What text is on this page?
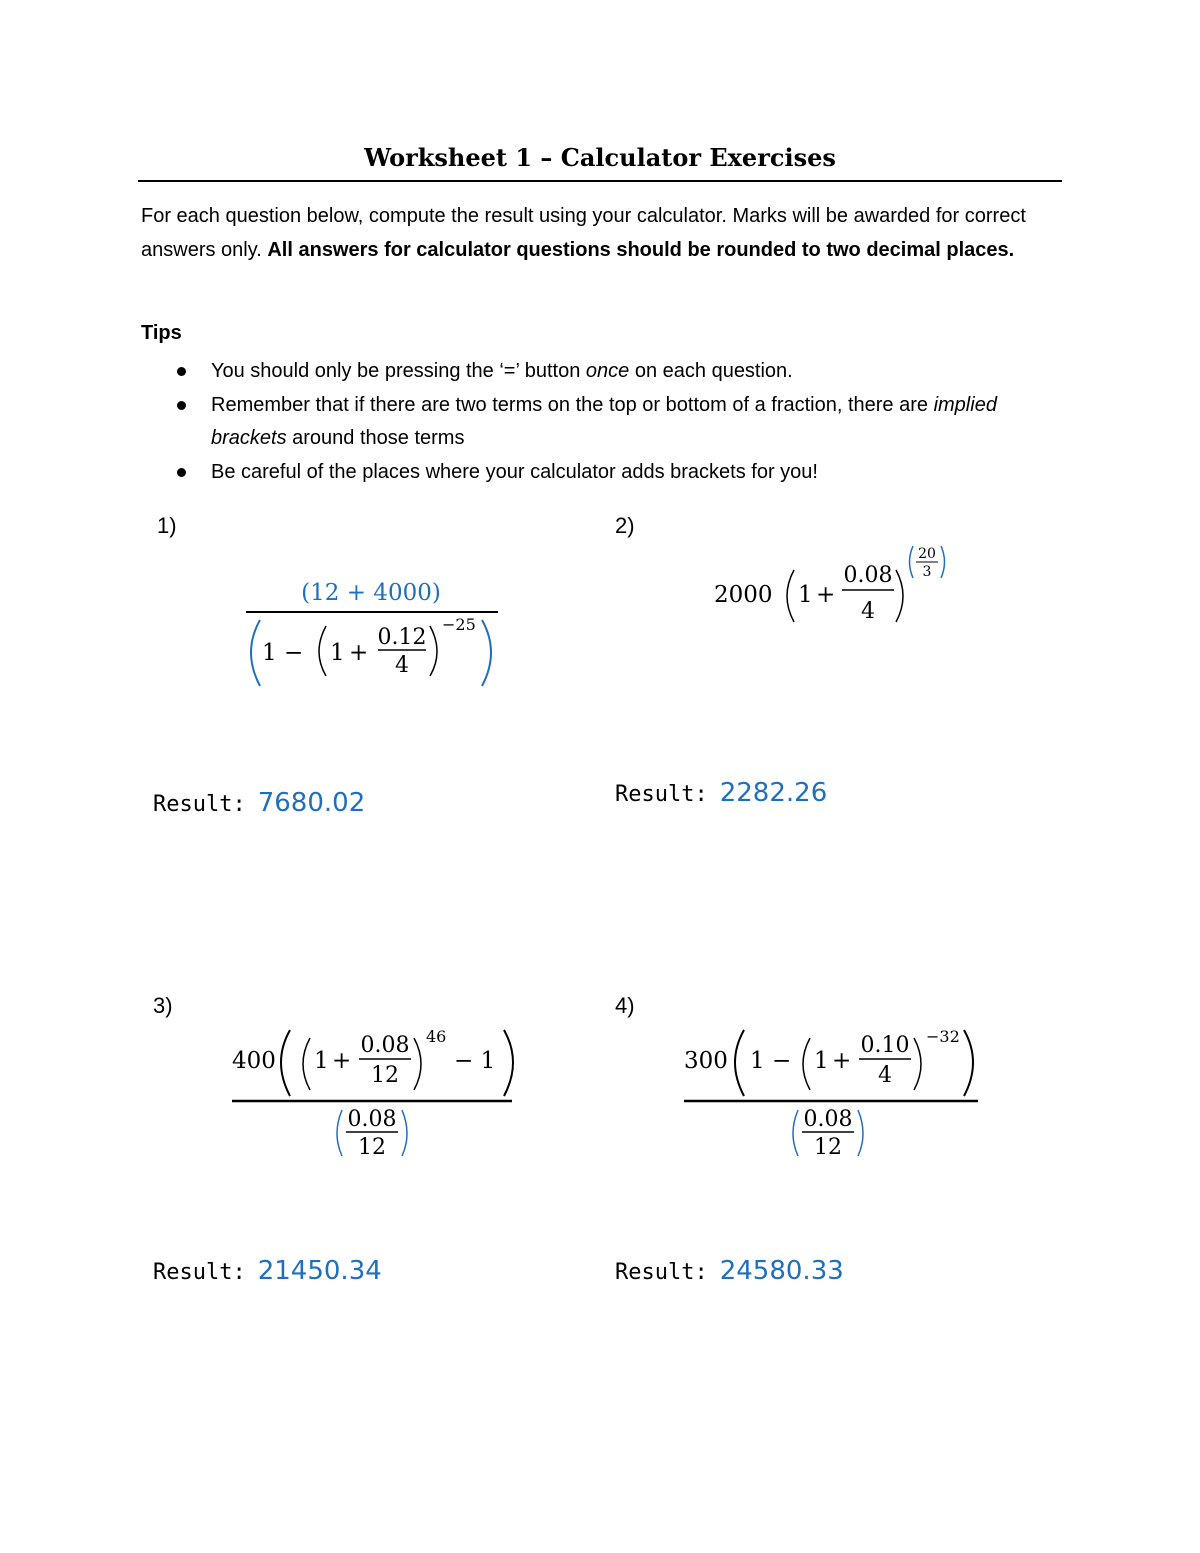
Worksheet 1 – Calculator Exercises
For each question below, compute the result using your calculator. Marks will be awarded for correct answers only. All answers for calculator questions should be rounded to two decimal places.
Tips
You should only be pressing the ‘=’ button once on each question.
Remember that if there are two terms on the top or bottom of a fraction, there are implied brackets around those terms
Be careful of the places where your calculator adds brackets for you!
1)	2)
3)	4)
(12 + 4000)
1 − 1 +
0.12
4
−25
2000 1 +
0.08
4
20
3
400 1 +
0.08
12
46
− 1
0.08
12
300 1 − 1 +
0.10
4
−32
0.08
12
Result: 7680.02	Result: 2282.26
Result: 21450.34	Result: 24580.33
